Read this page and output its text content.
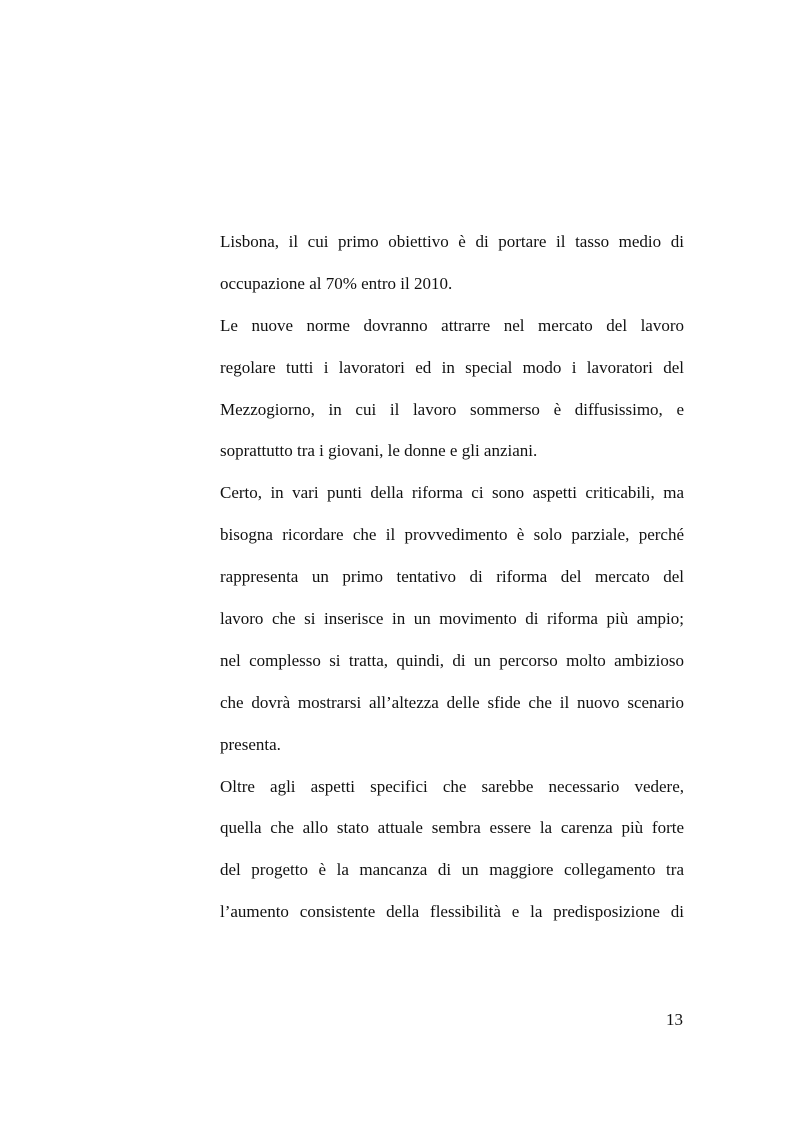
Lisbona, il cui primo obiettivo è di portare il tasso medio di
occupazione al 70% entro il 2010.
Le nuove norme dovranno attrarre nel mercato del lavoro
regolare tutti i lavoratori ed in special modo i lavoratori del
Mezzogiorno, in cui il lavoro sommerso è diffusissimo, e
soprattutto tra i giovani, le donne e gli anziani.
Certo, in vari punti della riforma ci sono aspetti criticabili, ma
bisogna ricordare che il provvedimento è solo parziale, perché
rappresenta un primo tentativo di riforma del mercato del
lavoro che si inserisce in un movimento di riforma più ampio;
nel complesso si tratta, quindi, di un percorso molto ambizioso
che dovrà mostrarsi all’altezza delle sfide che il nuovo scenario
presenta.
Oltre agli aspetti specifici che sarebbe necessario vedere,
quella che allo stato attuale sembra essere la carenza più forte
del progetto è la mancanza di un maggiore collegamento tra
l’aumento consistente della flessibilità e la predisposizione di
13
